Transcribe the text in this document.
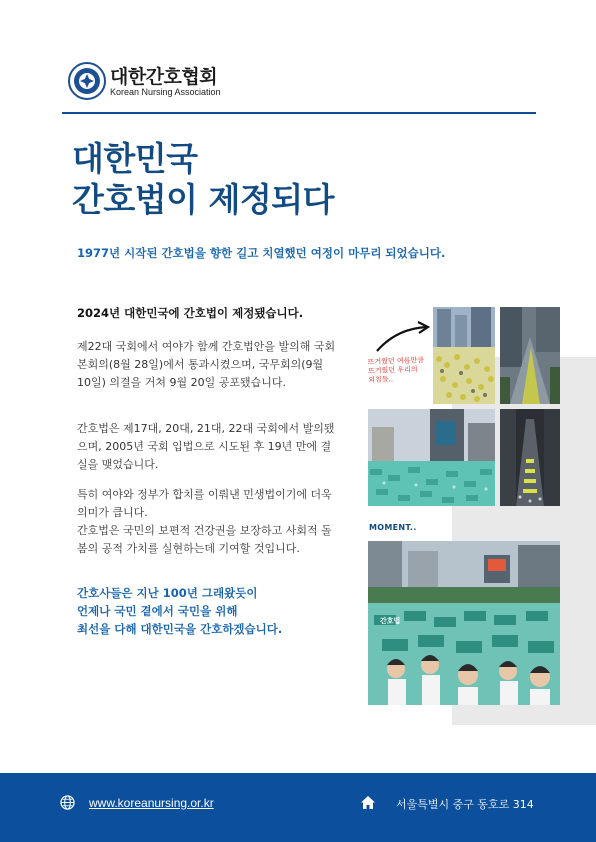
대한간호협회
Korean Nursing Association
대한민국
간호법이 제정되다
1977년 시작된 간호법을 향한 길고 치열했던 여정이 마무리 되었습니다.
2024년 대한민국에 간호법이 제정됐습니다.
제22대 국회에서 여야가 함께 간호법안을 발의해 국회 본회의(8월 28일)에서 통과시켰으며, 국무회의(9월 10일) 의결을 거쳐 9월 20일 공포됐습니다.
간호법은 제17대, 20대, 21대, 22대 국회에서 발의됐으며, 2005년 국회 입법으로 시도된 후 19년 만에 결실을 맺었습니다.
특히 여야와 정부가 합치를 이뤄낸 민생법이기에 더욱 의미가 큽니다.
간호법은 국민의 보편적 건강권을 보장하고 사회적 돌봄의 공적 가치를 실현하는데 기여할 것입니다.
간호사들은 지난 100년 그래왔듯이
언제나 국민 곁에서 국민을 위해
최선을 다해 대한민국을 간호하겠습니다.
뜨거웠던 여름만큼
뜨거웠던 우리의
외침들..
MOMENT..
간호법
www.koreanursing.or.kr	서울특별시 중구 동호로 314
